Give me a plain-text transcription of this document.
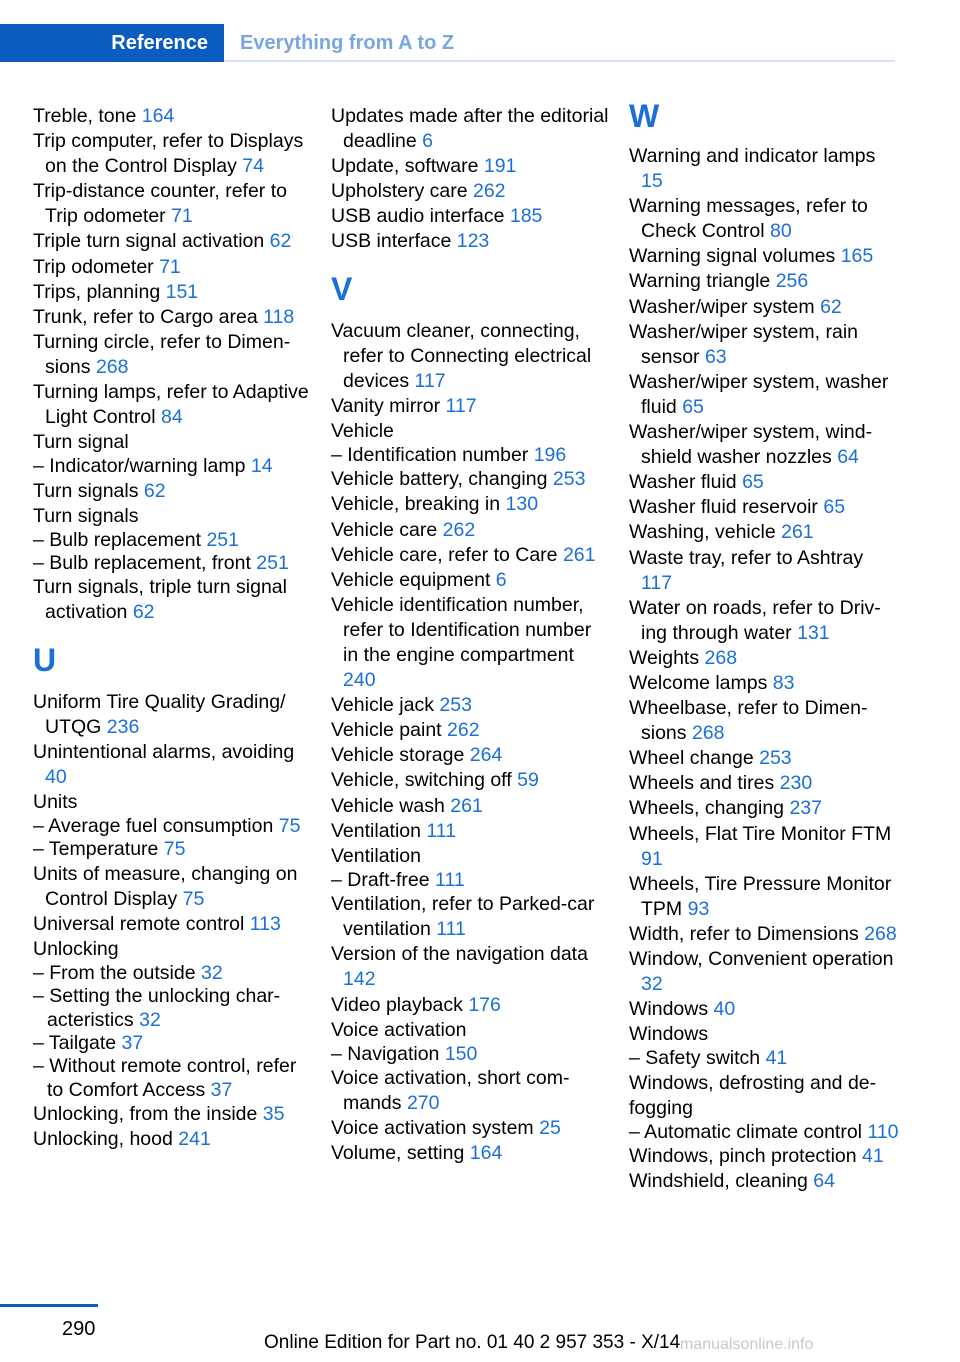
Reference	Everything from A to Z
Treble, tone 164
Trip computer, refer to Displays on the Control Display 74
Trip-distance counter, refer to Trip odometer 71
Triple turn signal activation 62
Trip odometer 71
Trips, planning 151
Trunk, refer to Cargo area 118
Turning circle, refer to Dimensions 268
Turning lamps, refer to Adaptive Light Control 84
Turn signal
– Indicator/warning lamp 14
Turn signals 62
Turn signals
– Bulb replacement 251
– Bulb replacement, front 251
Turn signals, triple turn signal activation 62
U
Uniform Tire Quality Grading/ UTQG 236
Unintentional alarms, avoiding 40
Units
– Average fuel consumption 75
– Temperature 75
Units of measure, changing on Control Display 75
Universal remote control 113
Unlocking
– From the outside 32
– Setting the unlocking characteristics 32
– Tailgate 37
– Without remote control, refer to Comfort Access 37
Unlocking, from the inside 35
Unlocking, hood 241
Updates made after the editorial deadline 6
Update, software 191
Upholstery care 262
USB audio interface 185
USB interface 123
V
Vacuum cleaner, connecting, refer to Connecting electrical devices 117
Vanity mirror 117
Vehicle
– Identification number 196
Vehicle battery, changing 253
Vehicle, breaking in 130
Vehicle care 262
Vehicle care, refer to Care 261
Vehicle equipment 6
Vehicle identification number, refer to Identification number in the engine compartment 240
Vehicle jack 253
Vehicle paint 262
Vehicle storage 264
Vehicle, switching off 59
Vehicle wash 261
Ventilation 111
Ventilation
– Draft-free 111
Ventilation, refer to Parked-car ventilation 111
Version of the navigation data 142
Video playback 176
Voice activation
– Navigation 150
Voice activation, short commands 270
Voice activation system 25
Volume, setting 164
W
Warning and indicator lamps 15
Warning messages, refer to Check Control 80
Warning signal volumes 165
Warning triangle 256
Washer/wiper system 62
Washer/wiper system, rain sensor 63
Washer/wiper system, washer fluid 65
Washer/wiper system, windshield washer nozzles 64
Washer fluid 65
Washer fluid reservoir 65
Washing, vehicle 261
Waste tray, refer to Ashtray 117
Water on roads, refer to Driving through water 131
Weights 268
Welcome lamps 83
Wheelbase, refer to Dimensions 268
Wheel change 253
Wheels and tires 230
Wheels, changing 237
Wheels, Flat Tire Monitor FTM 91
Wheels, Tire Pressure Monitor TPM 93
Width, refer to Dimensions 268
Window, Convenient operation 32
Windows 40
Windows
– Safety switch 41
Windows, defrosting and defogging
– Automatic climate control 110
Windows, pinch protection 41
Windshield, cleaning 64
290
Online Edition for Part no. 01 40 2 957 353 - X/14 manualsonline.info
